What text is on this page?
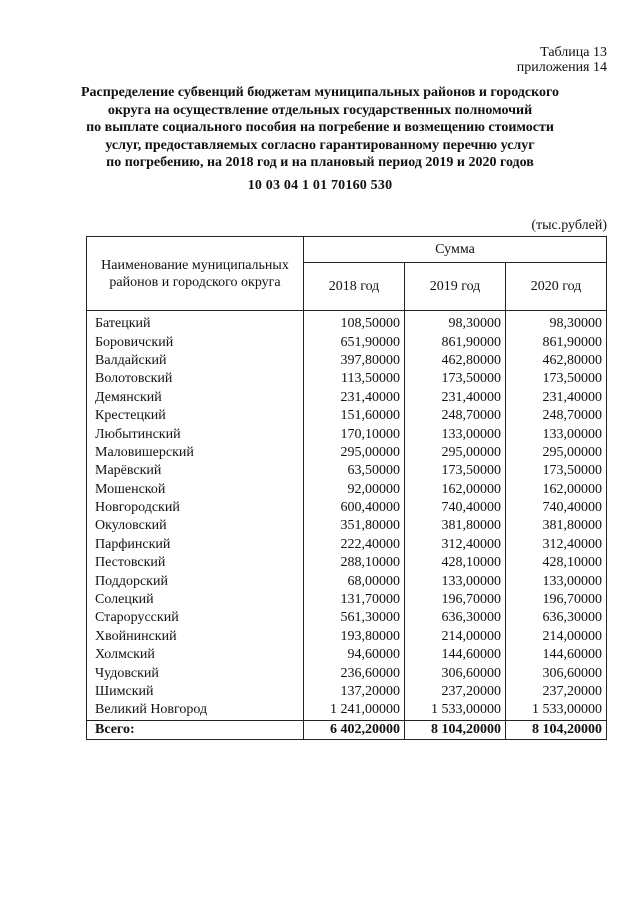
Таблица 13
приложения 14
Распределение субвенций бюджетам муниципальных районов и городского
округа на осуществление отдельных государственных полномочий
по выплате социального пособия на погребение и возмещению стоимости
услуг, предоставляемых согласно гарантированному перечню услуг
по погребению, на 2018 год и на плановый период 2019 и 2020 годов
10 03 04 1 01 70160 530
(тыс.рублей)
Наименование муниципальных районов и городского округа	Сумма		
	2018 год	2019 год	2020 год
Батецкий	108,50000	98,30000	98,30000
Боровичский	651,90000	861,90000	861,90000
Валдайский	397,80000	462,80000	462,80000
Волотовский	113,50000	173,50000	173,50000
Демянский	231,40000	231,40000	231,40000
Крестецкий	151,60000	248,70000	248,70000
Любытинский	170,10000	133,00000	133,00000
Маловишерский	295,00000	295,00000	295,00000
Марёвский	63,50000	173,50000	173,50000
Мошенской	92,00000	162,00000	162,00000
Новгородский	600,40000	740,40000	740,40000
Окуловский	351,80000	381,80000	381,80000
Парфинский	222,40000	312,40000	312,40000
Пестовский	288,10000	428,10000	428,10000
Поддорский	68,00000	133,00000	133,00000
Солецкий	131,70000	196,70000	196,70000
Старорусский	561,30000	636,30000	636,30000
Хвойнинский	193,80000	214,00000	214,00000
Холмский	94,60000	144,60000	144,60000
Чудовский	236,60000	306,60000	306,60000
Шимский	137,20000	237,20000	237,20000
Великий Новгород	1 241,00000	1 533,00000	1 533,00000
Всего:	6 402,20000	8 104,20000	8 104,20000
